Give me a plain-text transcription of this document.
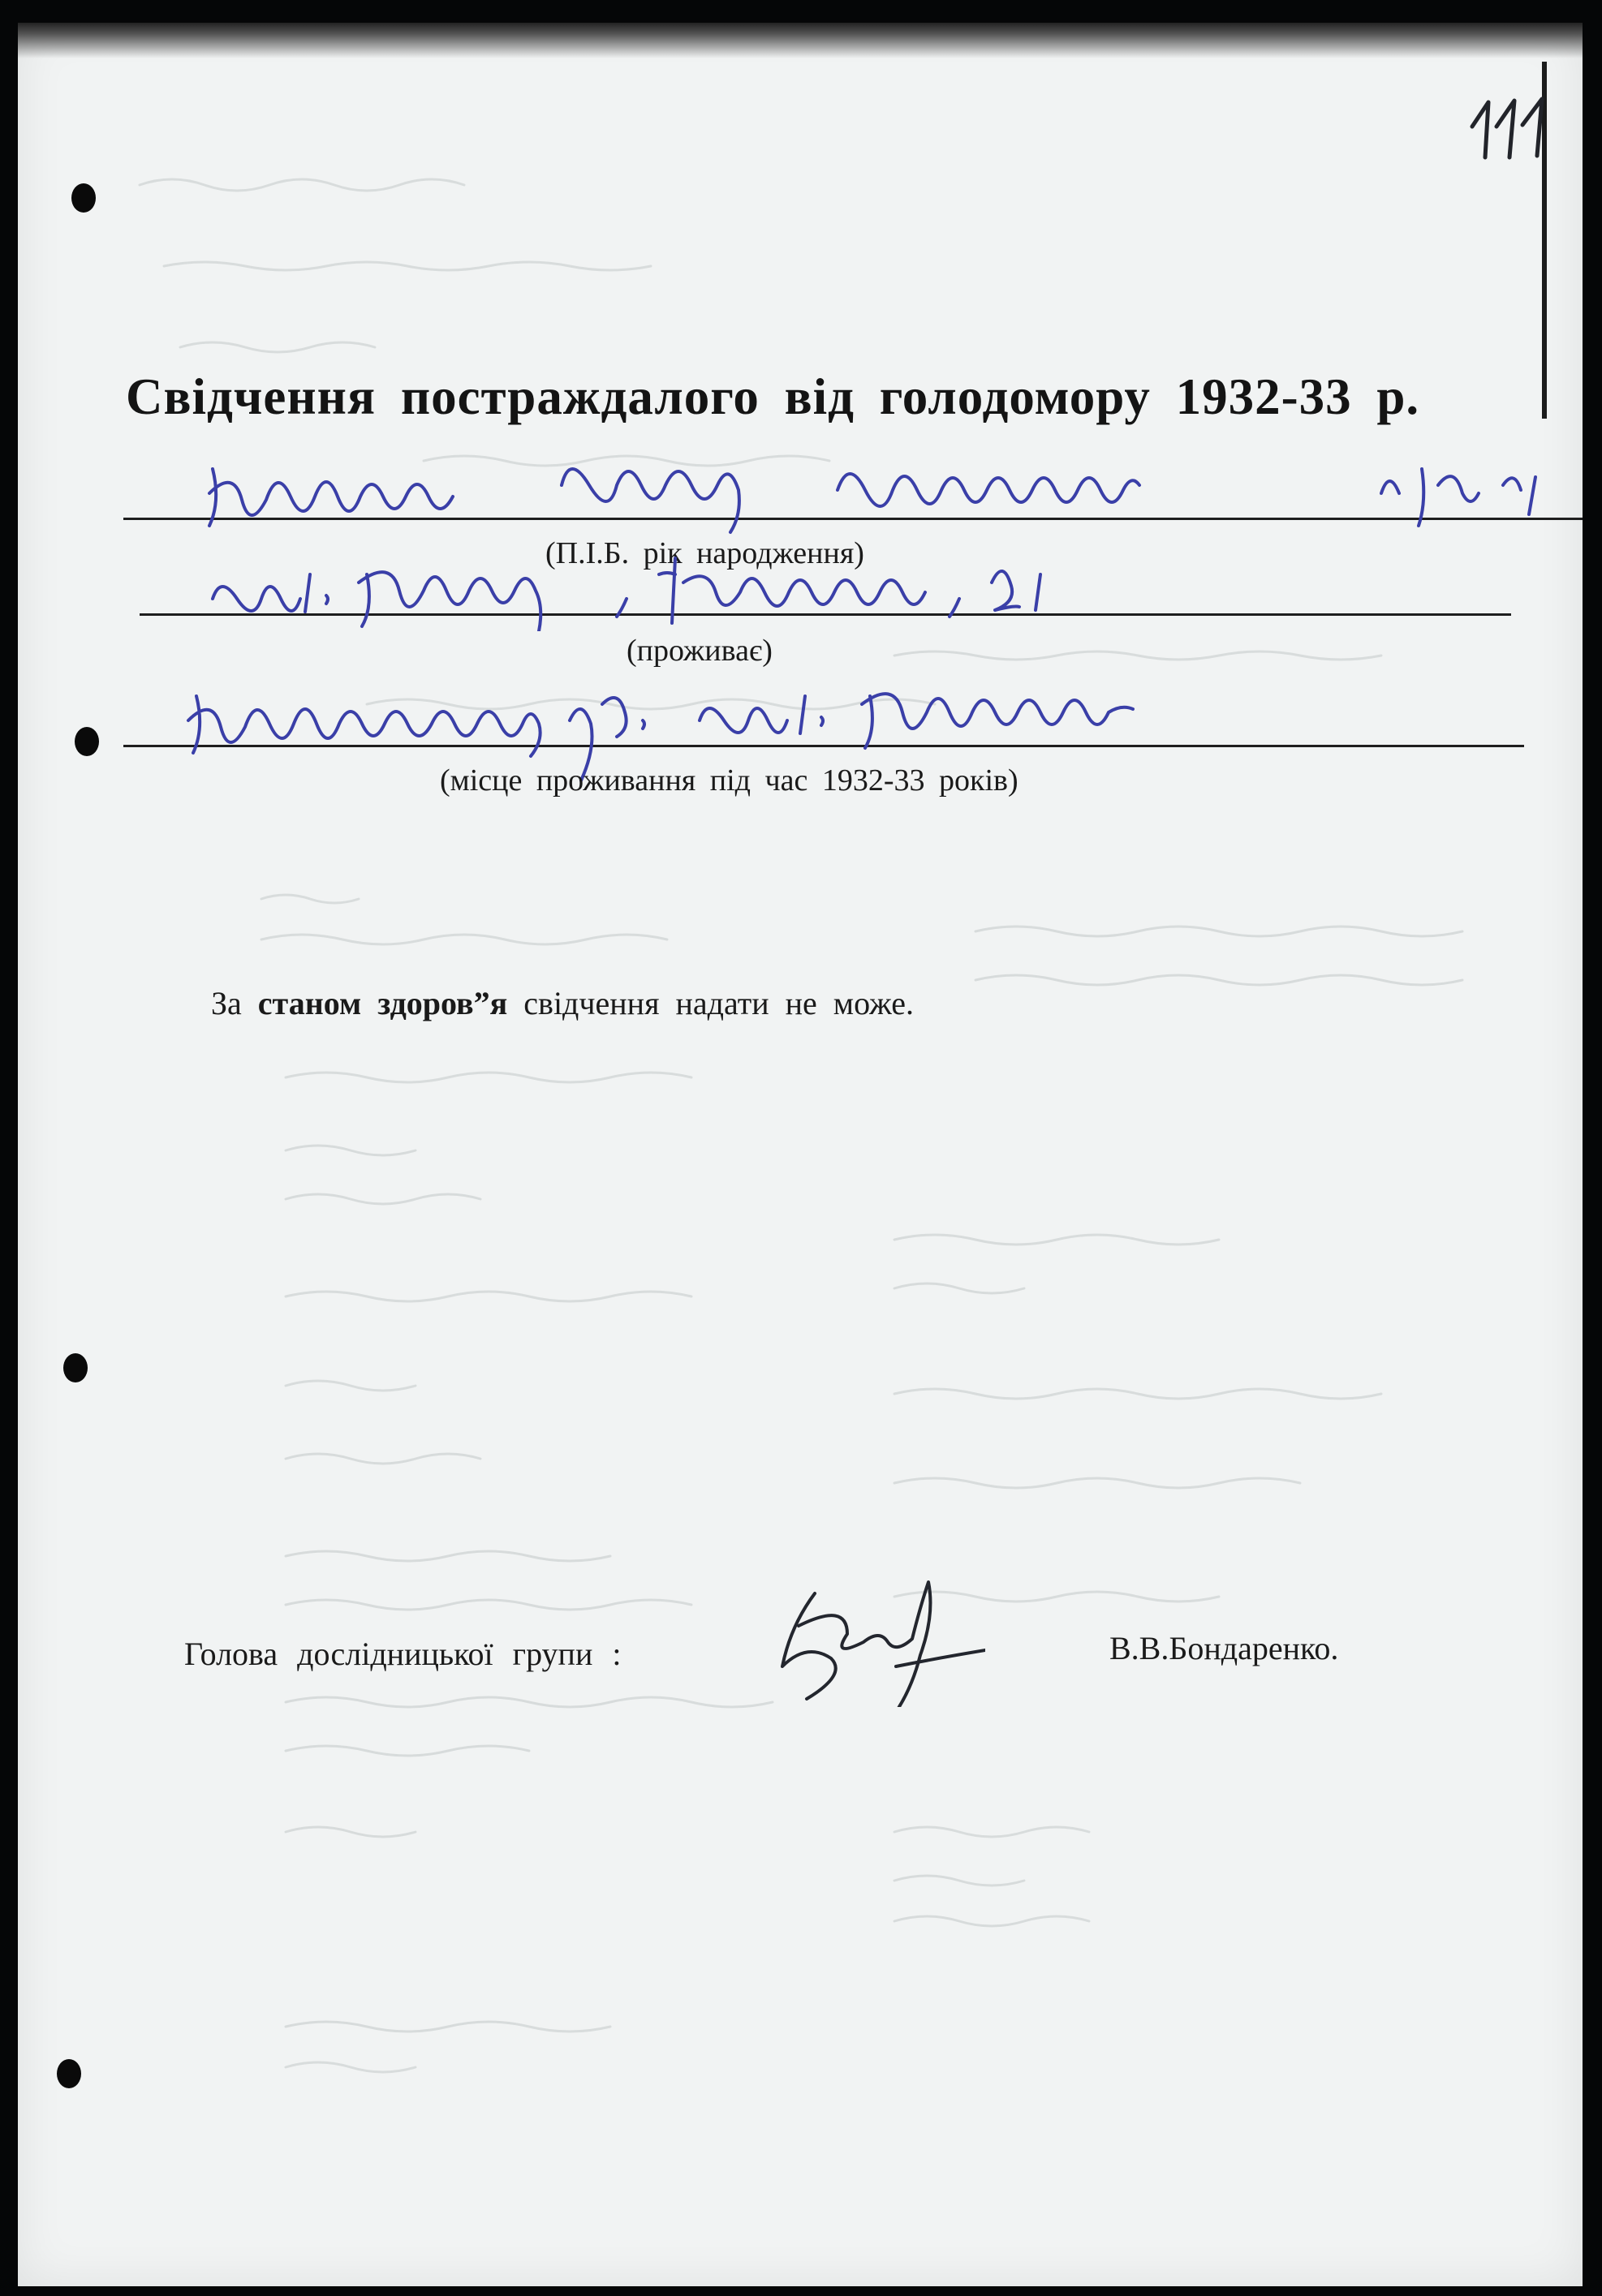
Свідчення постраждалого від голодомору 1932-33 р.
(П.І.Б. рік народження)
(проживає)
(місце проживання під час 1932-33 років)
За станом здоров”я свідчення надати не може.
Голова дослідницької групи :	В.В.Бондаренко.
